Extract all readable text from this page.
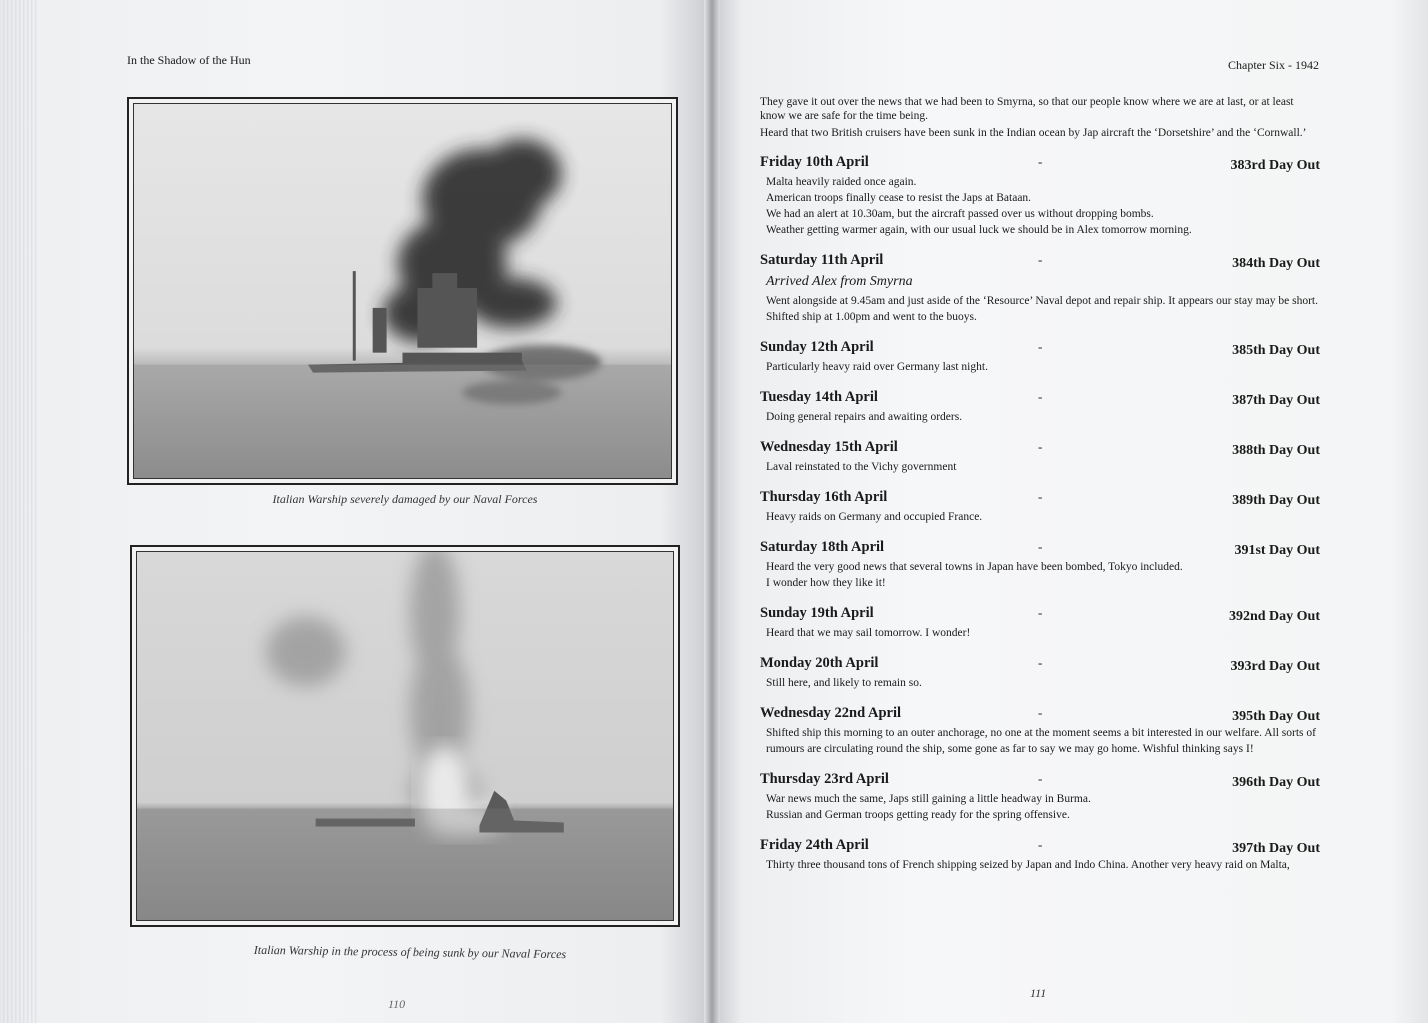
In the Shadow of the Hun
Italian Warship severely damaged by our Naval Forces
Italian Warship in the process of being sunk by our Naval Forces
110
Chapter Six - 1942

They gave it out over the news that we had been to Smyrna, so that our people know where we are at last, or at least know we are safe for the time being.

Heard that two British cruisers have been sunk in the Indian ocean by Jap aircraft the ‘Dorsetshire’ and the ‘Cornwall.’

Friday 10th April	-	383rd Day Out

Malta heavily raided once again.

American troops finally cease to resist the Japs at Bataan.

We had an alert at 10.30am, but the aircraft passed over us without dropping bombs.

Weather getting warmer again, with our usual luck we should be in Alex tomorrow morning.

Saturday 11th April	-	384th Day Out
Arrived Alex from Smyrna

Went alongside at 9.45am and just aside of the ‘Resource’ Naval depot and repair ship. It appears our stay may be short.

Shifted ship at 1.00pm and went to the buoys.

Sunday 12th April	-	385th Day Out

Particularly heavy raid over Germany last night.

Tuesday 14th April	-	387th Day Out

Doing general repairs and awaiting orders.

Wednesday 15th April	-	388th Day Out

Laval reinstated to the Vichy government

Thursday 16th April	-	389th Day Out

Heavy raids on Germany and occupied France.

Saturday 18th April	-	391st Day Out

Heard the very good news that several towns in Japan have been bombed, Tokyo included.

I wonder how they like it!

Sunday 19th April	-	392nd Day Out

Heard that we may sail tomorrow. I wonder!

Monday 20th April	-	393rd Day Out

Still here, and likely to remain so.

Wednesday 22nd April	-	395th Day Out

Shifted ship this morning to an outer anchorage, no one at the moment seems a bit interested in our welfare. All sorts of rumours are circulating round the ship, some gone as far to say we may go home. Wishful thinking says I!

Thursday 23rd April	-	396th Day Out

War news much the same, Japs still gaining a little headway in Burma.

Russian and German troops getting ready for the spring offensive.

Friday 24th April	-	397th Day Out

Thirty three thousand tons of French shipping seized by Japan and Indo China. Another very heavy raid on Malta,

111
